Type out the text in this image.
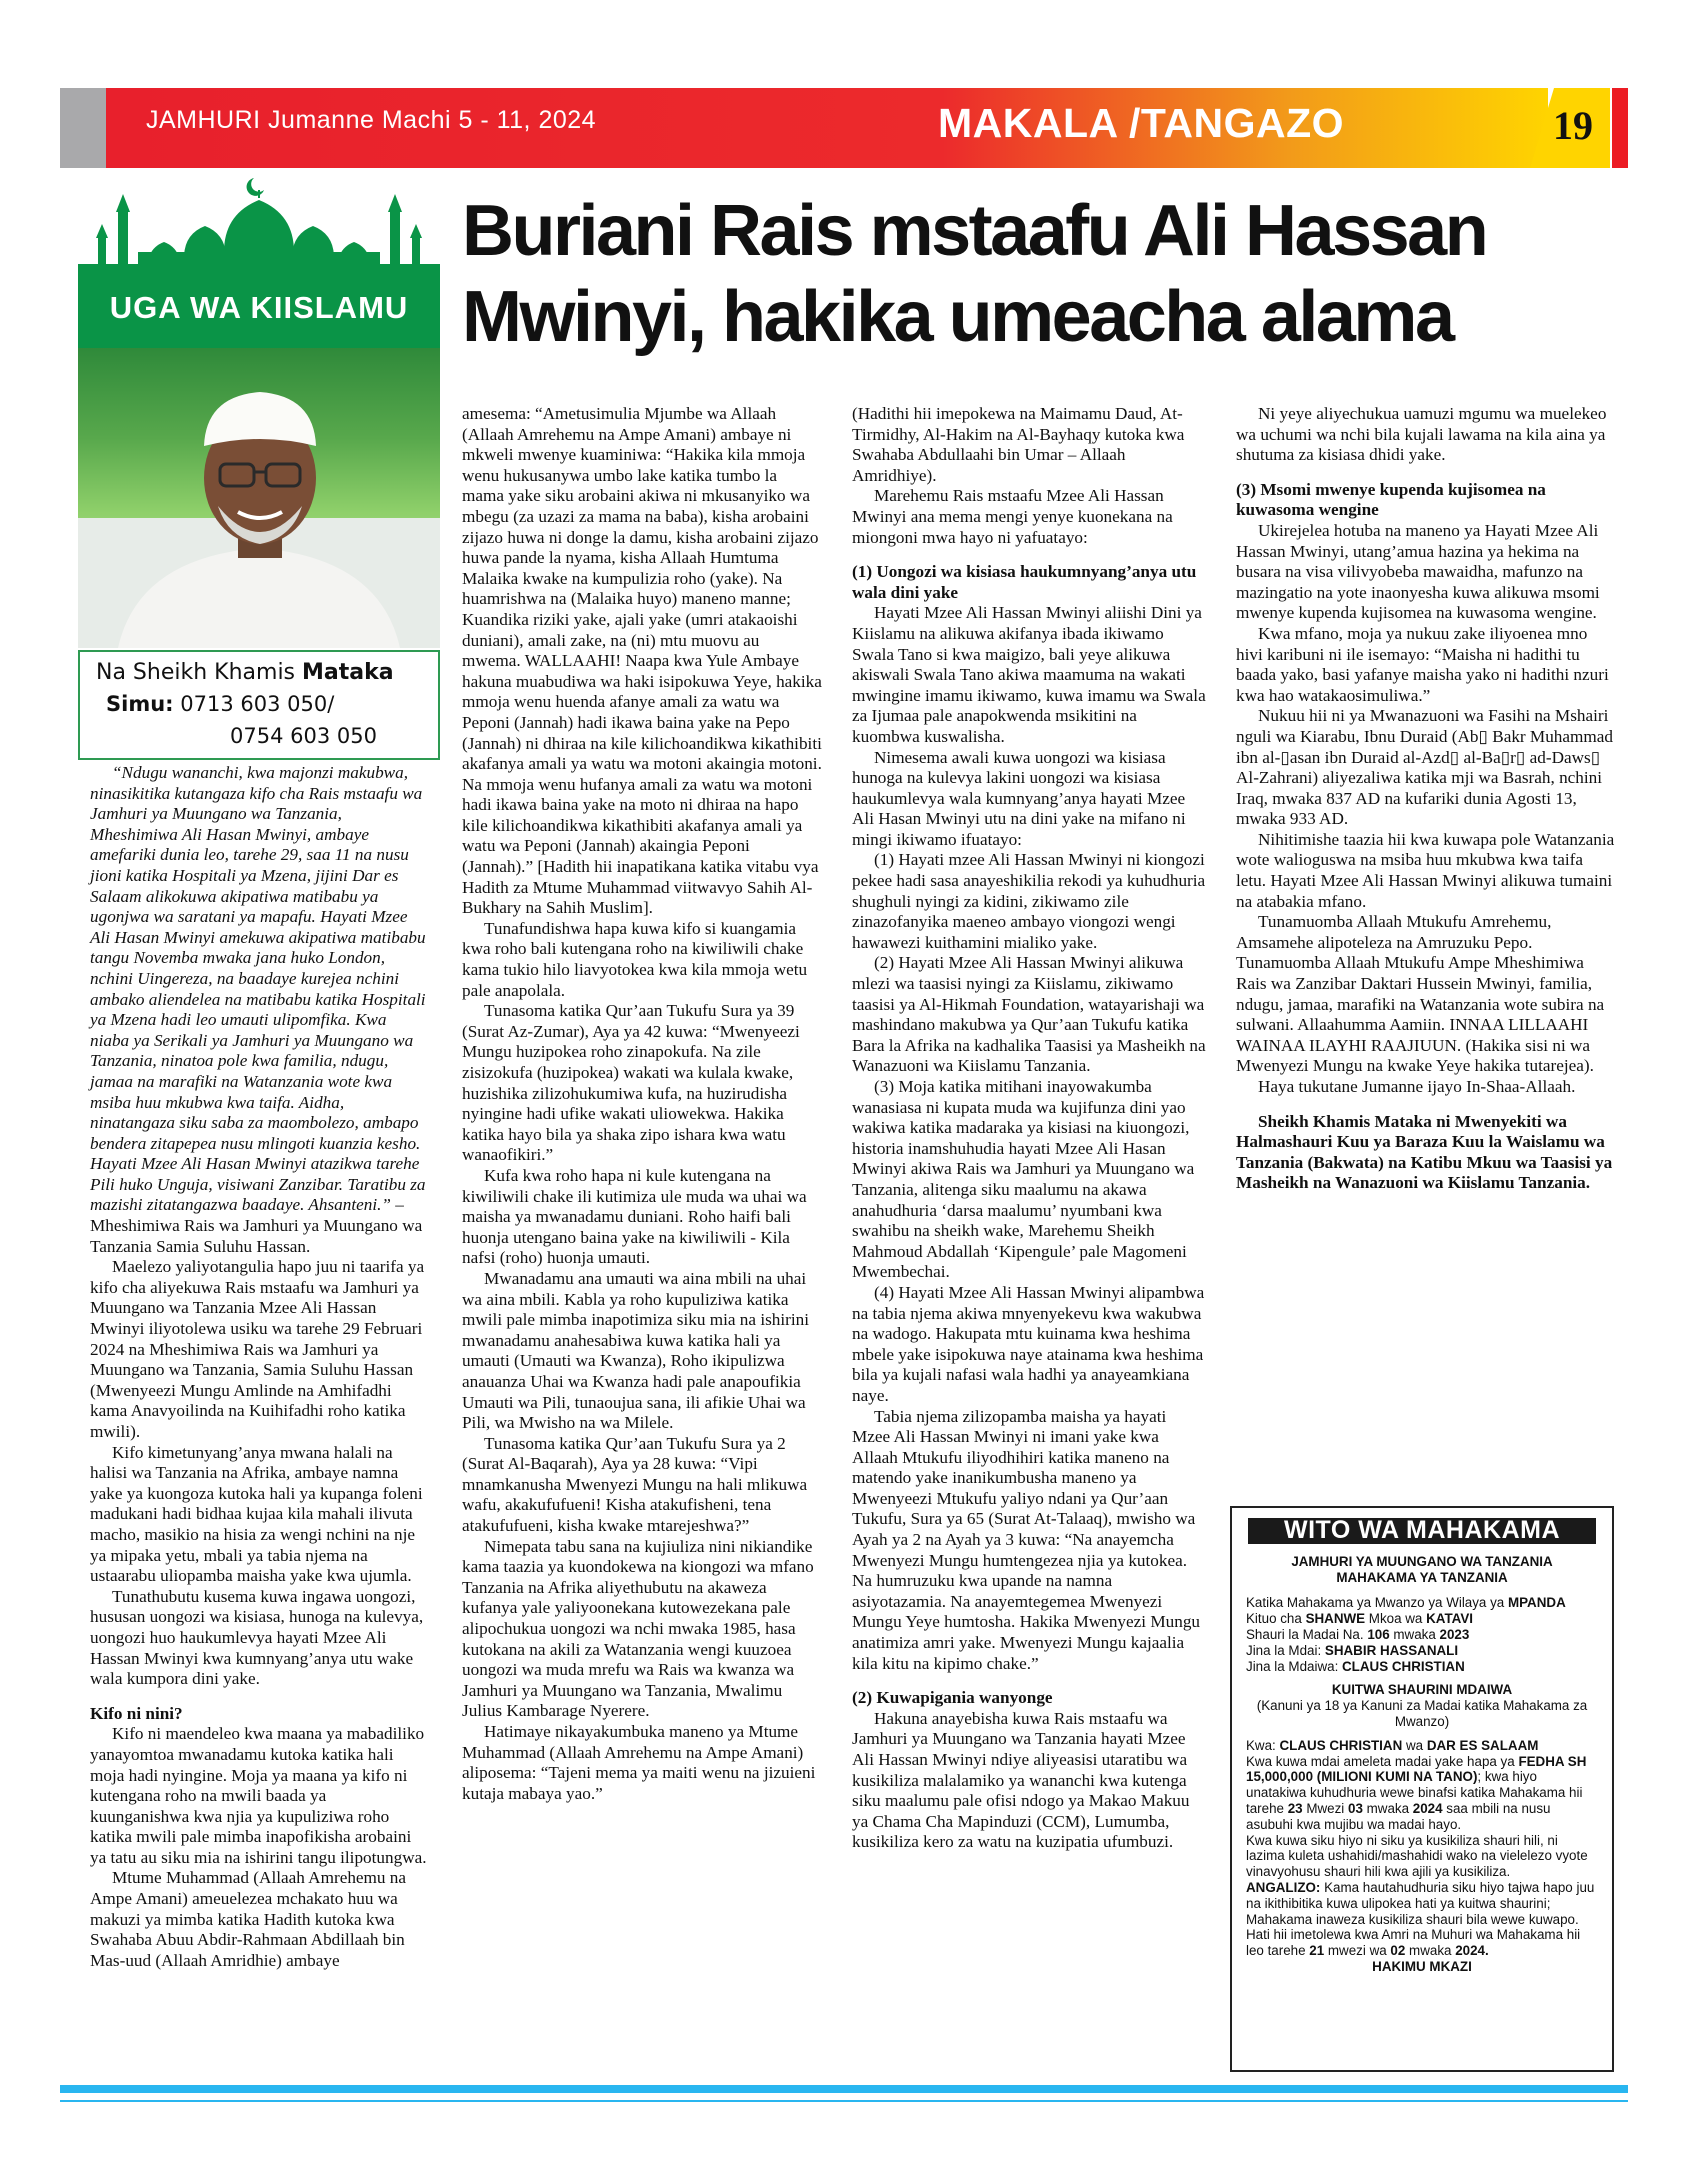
JAMHURI Jumanne Machi 5 - 11, 2024	MAKALA /TANGAZO	19
UGA WA KIISLAMU
Na Sheikh Khamis Mataka
Simu: 0713 603 050/
0754 603 050
Buriani Rais mstaafu Ali Hassan
Mwinyi, hakika umeacha alama

“Ndugu wananchi, kwa majonzi makubwa, ninasikitika kutangaza kifo cha Rais mstaafu wa Jamhuri ya Muungano wa Tanzania, Mheshimiwa Ali Hasan Mwinyi, ambaye amefariki dunia leo, tarehe 29, saa 11 na nusu jioni katika Hospitali ya Mzena, jijini Dar es Salaam alikokuwa akipatiwa matibabu ya ugonjwa wa saratani ya mapafu. Hayati Mzee Ali Hasan Mwinyi amekuwa akipatiwa matibabu tangu Novemba mwaka jana huko London, nchini Uingereza, na baadaye kurejea nchini ambako aliendelea na matibabu katika Hospitali ya Mzena hadi leo umauti ulipomfika. Kwa niaba ya Serikali ya Jamhuri ya Muungano wa Tanzania, ninatoa pole kwa familia, ndugu, jamaa na marafiki na Watanzania wote kwa msiba huu mkubwa kwa taifa. Aidha, ninatangaza siku saba za maombolezo, ambapo bendera zitapepea nusu mlingoti kuanzia kesho. Hayati Mzee Ali Hasan Mwinyi atazikwa tarehe Pili huko Unguja, visiwani Zanzibar. Taratibu za mazishi zitatangazwa baadaye. Ahsanteni.” – Mheshimiwa Rais wa Jamhuri ya Muungano wa Tanzania Samia Suluhu Hassan.

Maelezo yaliyotangulia hapo juu ni taarifa ya kifo cha aliyekuwa Rais mstaafu wa Jamhuri ya Muungano wa Tanzania Mzee Ali Hassan Mwinyi iliyotolewa usiku wa tarehe 29 Februari 2024 na Mheshimiwa Rais wa Jamhuri ya Muungano wa Tanzania, Samia Suluhu Hassan (Mwenyeezi Mungu Amlinde na Amhifadhi kama Anavyoilinda na Kuihifadhi roho katika mwili).

Kifo kimetunyang’anya mwana halali na halisi wa Tanzania na Afrika, ambaye namna yake ya kuongoza kutoka hali ya kupanga foleni madukani hadi bidhaa kujaa kila mahali ilivuta macho, masikio na hisia za wengi nchini na nje ya mipaka yetu, mbali ya tabia njema na ustaarabu uliopamba maisha yake kwa ujumla.

Tunathubutu kusema kuwa ingawa uongozi, hususan uongozi wa kisiasa, hunoga na kulevya, uongozi huo haukumlevya hayati Mzee Ali Hassan Mwinyi kwa kumnyang’anya utu wake wala kumpora dini yake.

Kifo ni nini?

Kifo ni maendeleo kwa maana ya mabadiliko yanayomtoa mwanadamu kutoka katika hali moja hadi nyingine. Moja ya maana ya kifo ni kutengana roho na mwili baada ya kuunganishwa kwa njia ya kupuliziwa roho katika mwili pale mimba inapofikisha arobaini ya tatu au siku mia na ishirini tangu ilipotungwa.

Mtume Muhammad (Allaah Amrehemu na Ampe Amani) ameuelezea mchakato huu wa makuzi ya mimba katika Hadith kutoka kwa Swahaba Abuu Abdir-Rahmaan Abdillaah bin Mas-uud (Allaah Amridhie) ambaye

amesema: “Ametusimulia Mjumbe wa Allaah (Allaah Amrehemu na Ampe Amani) ambaye ni mkweli mwenye kuaminiwa: “Hakika kila mmoja wenu hukusanywa umbo lake katika tumbo la mama yake siku arobaini akiwa ni mkusanyiko wa mbegu (za uzazi za mama na baba), kisha arobaini zijazo huwa ni donge la damu, kisha arobaini zijazo huwa pande la nyama, kisha Allaah Humtuma Malaika kwake na kumpulizia roho (yake). Na huamrishwa na (Malaika huyo) maneno manne; Kuandika riziki yake, ajali yake (umri atakaoishi duniani), amali zake, na (ni) mtu muovu au mwema. WALLAAHI! Naapa kwa Yule Ambaye hakuna muabudiwa wa haki isipokuwa Yeye, hakika mmoja wenu huenda afanye amali za watu wa Peponi (Jannah) hadi ikawa baina yake na Pepo (Jannah) ni dhiraa na kile kilichoandikwa kikathibiti akafanya amali ya watu wa motoni akaingia motoni. Na mmoja wenu hufanya amali za watu wa motoni hadi ikawa baina yake na moto ni dhiraa na hapo kile kilichoandikwa kikathibiti akafanya amali ya watu wa Peponi (Jannah) akaingia Peponi (Jannah).” [Hadith hii inapatikana katika vitabu vya Hadith za Mtume Muhammad viitwavyo Sahih Al-Bukhary na Sahih Muslim].

Tunafundishwa hapa kuwa kifo si kuangamia kwa roho bali kutengana roho na kiwiliwili chake kama tukio hilo liavyotokea kwa kila mmoja wetu pale anapolala.

Tunasoma katika Qur’aan Tukufu Sura ya 39 (Surat Az-Zumar), Aya ya 42 kuwa: “Mwenyeezi Mungu huzipokea roho zinapokufa. Na zile zisizokufa (huzipokea) wakati wa kulala kwake, huzishika zilizohukumiwa kufa, na huzirudisha nyingine hadi ufike wakati uliowekwa. Hakika katika hayo bila ya shaka zipo ishara kwa watu wanaofikiri.”

Kufa kwa roho hapa ni kule kutengana na kiwiliwili chake ili kutimiza ule muda wa uhai wa maisha ya mwanadamu duniani. Roho haifi bali huonja utengano baina yake na kiwiliwili - Kila nafsi (roho) huonja umauti.

Mwanadamu ana umauti wa aina mbili na uhai wa aina mbili. Kabla ya roho kupuliziwa katika mwili pale mimba inapotimiza siku mia na ishirini mwanadamu anahesabiwa kuwa katika hali ya umauti (Umauti wa Kwanza), Roho ikipulizwa anauanza Uhai wa Kwanza hadi pale anapoufikia Umauti wa Pili, tunaoujua sana, ili afikie Uhai wa Pili, wa Mwisho na wa Milele.

Tunasoma katika Qur’aan Tukufu Sura ya 2 (Surat Al-Baqarah), Aya ya 28 kuwa: “Vipi mnamkanusha Mwenyezi Mungu na hali mlikuwa wafu, akakufufueni! Kisha atakufisheni, tena atakufufueni, kisha kwake mtarejeshwa?”

Nimepata tabu sana na kujiuliza nini nikiandike kama taazia ya kuondokewa na kiongozi wa mfano Tanzania na Afrika aliyethubutu na akaweza kufanya yale yaliyoonekana kutowezekana pale alipochukua uongozi wa nchi mwaka 1985, hasa kutokana na akili za Watanzania wengi kuuzoea uongozi wa muda mrefu wa Rais wa kwanza wa Jamhuri ya Muungano wa Tanzania, Mwalimu Julius Kambarage Nyerere.

Hatimaye nikayakumbuka maneno ya Mtume Muhammad (Allaah Amrehemu na Ampe Amani) aliposema: “Tajeni mema ya maiti wenu na jizuieni kutaja mabaya yao.”

(Hadithi hii imepokewa na Maimamu Daud, At-Tirmidhy, Al-Hakim na Al-Bayhaqy kutoka kwa Swahaba Abdullaahi bin Umar – Allaah Amridhiye).

Marehemu Rais mstaafu Mzee Ali Hassan Mwinyi ana mema mengi yenye kuonekana na miongoni mwa hayo ni yafuatayo:

(1) Uongozi wa kisiasa haukumnyang’anya utu wala dini yake

Hayati Mzee Ali Hassan Mwinyi aliishi Dini ya Kiislamu na alikuwa akifanya ibada ikiwamo Swala Tano si kwa maigizo, bali yeye alikuwa akiswali Swala Tano akiwa maamuma na wakati mwingine imamu ikiwamo, kuwa imamu wa Swala za Ijumaa pale anapokwenda msikitini na kuombwa kuswalisha.

Nimesema awali kuwa uongozi wa kisiasa hunoga na kulevya lakini uongozi wa kisiasa haukumlevya wala kumnyang’anya hayati Mzee Ali Hasan Mwinyi utu na dini yake na mifano ni mingi ikiwamo ifuatayo:

(1) Hayati mzee Ali Hassan Mwinyi ni kiongozi pekee hadi sasa anayeshikilia rekodi ya kuhudhuria shughuli nyingi za kidini, zikiwamo zile zinazofanyika maeneo ambayo viongozi wengi hawawezi kuithamini mialiko yake.

(2) Hayati Mzee Ali Hassan Mwinyi alikuwa mlezi wa taasisi nyingi za Kiislamu, zikiwamo taasisi ya Al-Hikmah Foundation, watayarishaji wa mashindano makubwa ya Qur’aan Tukufu katika Bara la Afrika na kadhalika Taasisi ya Masheikh na Wanazuoni wa Kiislamu Tanzania.

(3) Moja katika mitihani inayowakumba wanasiasa ni kupata muda wa kujifunza dini yao wakiwa katika madaraka ya kisiasi na kiuongozi, historia inamshuhudia hayati Mzee Ali Hasan Mwinyi akiwa Rais wa Jamhuri ya Muungano wa Tanzania, alitenga siku maalumu na akawa anahudhuria ‘darsa maalumu’ nyumbani kwa swahibu na sheikh wake, Marehemu Sheikh Mahmoud Abdallah ‘Kipengule’ pale Magomeni Mwembechai.

(4) Hayati Mzee Ali Hassan Mwinyi alipambwa na tabia njema akiwa mnyenyekevu kwa wakubwa na wadogo. Hakupata mtu kuinama kwa heshima mbele yake isipokuwa naye atainama kwa heshima bila ya kujali nafasi wala hadhi ya anayeamkiana naye.

Tabia njema zilizopamba maisha ya hayati Mzee Ali Hassan Mwinyi ni imani yake kwa Allaah Mtukufu iliyodhihiri katika maneno na matendo yake inanikumbusha maneno ya Mwenyeezi Mtukufu yaliyo ndani ya Qur’aan Tukufu, Sura ya 65 (Surat At-Talaaq), mwisho wa Ayah ya 2 na Ayah ya 3 kuwa: “Na anayemcha Mwenyezi Mungu humtengezea njia ya kutokea. Na humruzuku kwa upande na namna asiyotazamia. Na anayemtegemea Mwenyezi Mungu Yeye humtosha. Hakika Mwenyezi Mungu anatimiza amri yake. Mwenyezi Mungu kajaalia kila kitu na kipimo chake.”

(2) Kuwapigania wanyonge

Hakuna anayebisha kuwa Rais mstaafu wa Jamhuri ya Muungano wa Tanzania hayati Mzee Ali Hassan Mwinyi ndiye aliyeasisi utaratibu wa kusikiliza malalamiko ya wananchi kwa kutenga siku maalumu pale ofisi ndogo ya Makao Makuu ya Chama Cha Mapinduzi (CCM), Lumumba, kusikiliza kero za watu na kuzipatia ufumbuzi.

Ni yeye aliyechukua uamuzi mgumu wa muelekeo wa uchumi wa nchi bila kujali lawama na kila aina ya shutuma za kisiasa dhidi yake.

(3) Msomi mwenye kupenda kujisomea na kuwasoma wengine

Ukirejelea hotuba na maneno ya Hayati Mzee Ali Hassan Mwinyi, utang’amua hazina ya hekima na busara na visa vilivyobeba mawaidha, mafunzo na mazingatio na yote inaonyesha kuwa alikuwa msomi mwenye kupenda kujisomea na kuwasoma wengine.

Kwa mfano, moja ya nukuu zake iliyoenea mno hivi karibuni ni ile isemayo: “Maisha ni hadithi tu baada yako, basi yafanye maisha yako ni hadithi nzuri kwa hao watakaosimuliwa.”

Nukuu hii ni ya Mwanazuoni wa Fasihi na Mshairi nguli wa Kiarabu, Ibnu Duraid (Ab▯ Bakr Muhammad ibn al-▯asan ibn Duraid al-Azd▯ al-Ba▯r▯ ad-Daws▯ Al-Zahrani) aliyezaliwa katika mji wa Basrah, nchini Iraq, mwaka 837 AD na kufariki dunia Agosti 13, mwaka 933 AD.

Nihitimishe taazia hii kwa kuwapa pole Watanzania wote walioguswa na msiba huu mkubwa kwa taifa letu. Hayati Mzee Ali Hassan Mwinyi alikuwa tumaini na atabakia mfano.

Tunamuomba Allaah Mtukufu Amrehemu, Amsamehe alipoteleza na Amruzuku Pepo. Tunamuomba Allaah Mtukufu Ampe Mheshimiwa Rais wa Zanzibar Daktari Hussein Mwinyi, familia, ndugu, jamaa, marafiki na Watanzania wote subira na sulwani. Allaahumma Aamiin. INNAA LILLAAHI WAINAA ILAYHI RAAJIUUN. (Hakika sisi ni wa Mwenyezi Mungu na kwake Yeye hakika tutarejea).

Haya tukutane Jumanne ijayo In-Shaa-Allaah.

Sheikh Khamis Mataka ni Mwenyekiti wa Halmashauri Kuu ya Baraza Kuu la Waislamu wa Tanzania (Bakwata) na Katibu Mkuu wa Taasisi ya Masheikh na Wanazuoni wa Kiislamu Tanzania.

WITO WA MAHAKAMA
JAMHURI YA MUUNGANO WA TANZANIA MAHAKAMA YA TANZANIA
Katika Mahakama ya Mwanzo ya Wilaya ya MPANDA
Kituo cha SHANWE Mkoa wa KATAVI
Shauri la Madai Na. 106 mwaka 2023
Jina la Mdai: SHABIR HASSANALI
Jina la Mdaiwa: CLAUS CHRISTIAN
KUITWA SHAURINI MDAIWA
(Kanuni ya 18 ya Kanuni za Madai katika Mahakama za Mwanzo)
Kwa: CLAUS CHRISTIAN wa DAR ES SALAAM
Kwa kuwa mdai ameleta madai yake hapa ya FEDHA SH 15,000,000 (MILIONI KUMI NA TANO); kwa hiyo unatakiwa kuhudhuria wewe binafsi katika Mahakama hii tarehe 23 Mwezi 03 mwaka 2024 saa mbili na nusu asubuhi kwa mujibu wa madai hayo.
Kwa kuwa siku hiyo ni siku ya kusikiliza shauri hili, ni lazima kuleta ushahidi/mashahidi wako na vielelezo vyote vinavyohusu shauri hili kwa ajili ya kusikiliza.
ANGALIZO: Kama hautahudhuria siku hiyo tajwa hapo juu na ikithibitika kuwa ulipokea hati ya kuitwa shaurini; Mahakama inaweza kusikiliza shauri bila wewe kuwapo.
Hati hii imetolewa kwa Amri na Muhuri wa Mahakama hii leo tarehe 21 mwezi wa 02 mwaka 2024.
HAKIMU MKAZI
